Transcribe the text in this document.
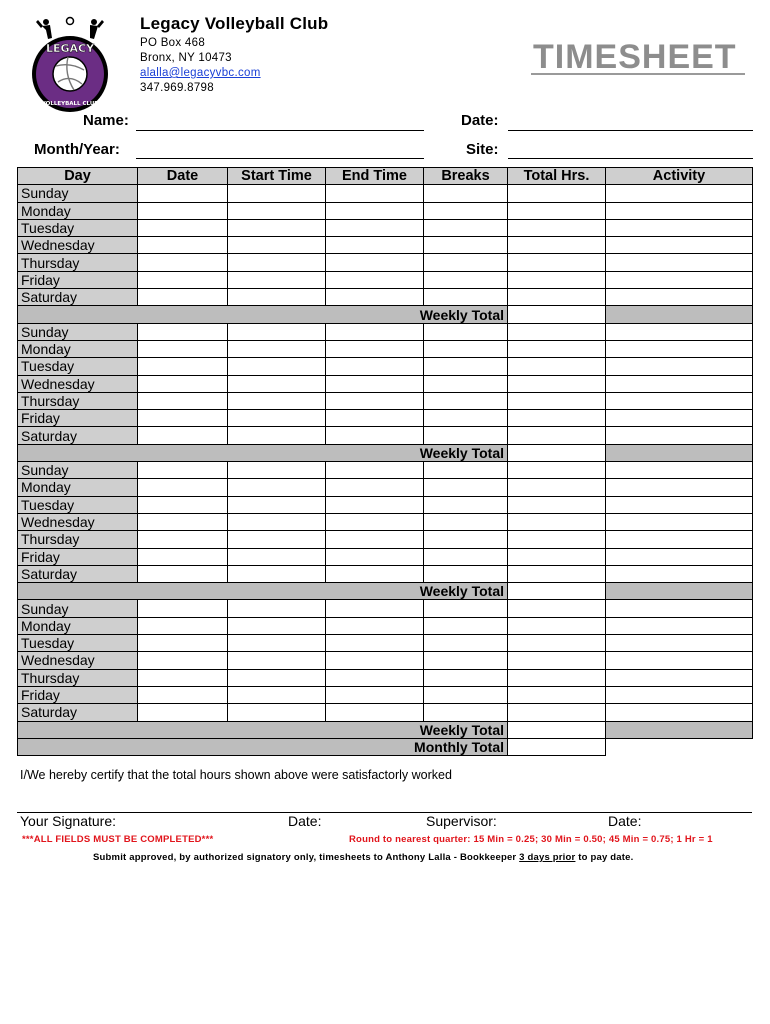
LEGACY
VOLLEYBALL CLUB
Legacy Volleyball Club
PO Box 468
Bronx, NY 10473
alalla@legacyvbc.com
347.969.8798
TIMESHEET
Name:	Date:
Month/Year:	Site:
Day	Date	Start Time	End Time	Breaks	Total Hrs.	Activity
Sunday						
Monday						
Tuesday						
Wednesday						
Thursday						
Friday						
Saturday						
Weekly Total						
Sunday						
Monday						
Tuesday						
Wednesday						
Thursday						
Friday						
Saturday						
Weekly Total						
Sunday						
Monday						
Tuesday						
Wednesday						
Thursday						
Friday						
Saturday						
Weekly Total						
Sunday						
Monday						
Tuesday						
Wednesday						
Thursday						
Friday						
Saturday						
Weekly Total						
Monthly Total						
I/We hereby certify that the total hours shown above were satisfactorly worked
Your Signature:	Date:	Supervisor:	Date:
***ALL FIELDS MUST BE COMPLETED***	Round to nearest quarter: 15 Min = 0.25; 30 Min = 0.50; 45 Min = 0.75; 1 Hr = 1
Submit approved, by authorized signatory only, timesheets to Anthony Lalla - Bookkeeper 3 days prior to pay date.
